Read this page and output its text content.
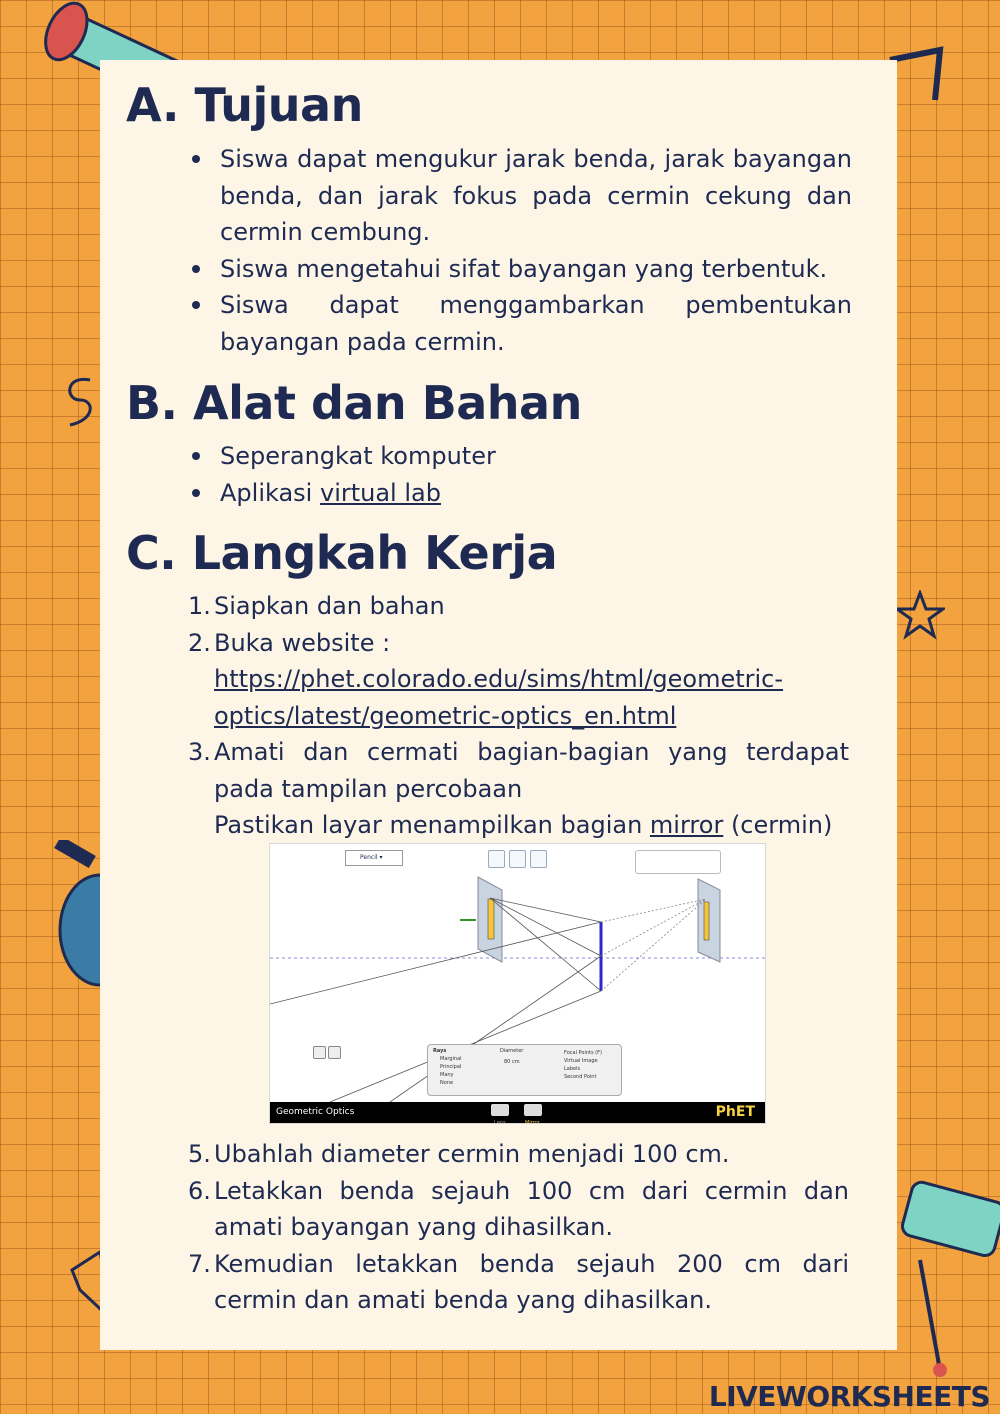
A. Tujuan
Siswa dapat mengukur jarak benda, jarak bayangan benda, dan jarak fokus pada cermin cekung dan cermin cembung.
Siswa mengetahui sifat bayangan yang terbentuk.
Siswa dapat menggambarkan pembentukan bayangan pada cermin.
B. Alat dan Bahan
Seperangkat komputer
Aplikasi virtual lab
C. Langkah Kerja
1. Siapkan dan bahan
2. Buka website :
https://phet.colorado.edu/sims/html/geometric-
optics/latest/geometric-optics_en.html
3. Amati dan cermati bagian-bagian yang terdapat pada tampilan percobaan
Pastikan layar menampilkan bagian mirror (cermin)
Pencil ▾
Rays
Marginal
Principal
Many
None
Diameter
80 cm
Focal Points (F)
Virtual Image
Labels
Second Point
Geometric Optics
Lens	Mirror
PhET
5. Ubahlah diameter cermin menjadi 100 cm.
6. Letakkan benda sejauh 100 cm dari cermin dan amati bayangan yang dihasilkan.
7. Kemudian letakkan benda sejauh 200 cm dari cermin dan amati benda yang dihasilkan.
LIVEWORKSHEETS
